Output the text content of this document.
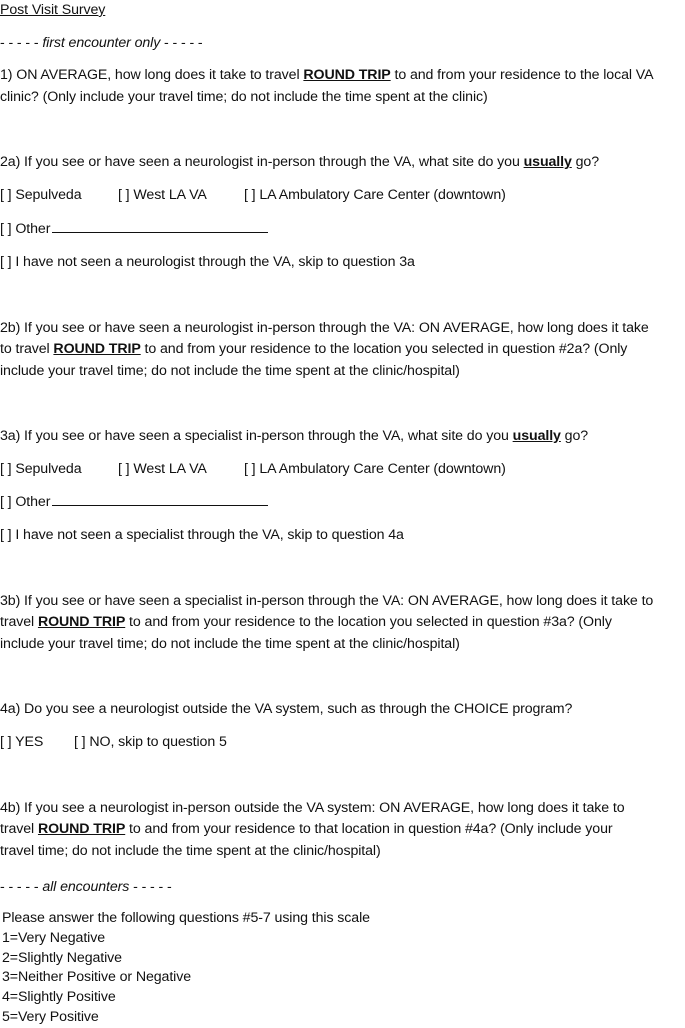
Post Visit Survey
- - - - - first encounter only - - - - -
1) ON AVERAGE, how long does it take to travel ROUND TRIP to and from your residence to the local VA
clinic? (Only include your travel time; do not include the time spent at the clinic)
2a) If you see or have seen a neurologist in-person through the VA, what site do you usually go?
[ ] Sepulveda	[ ] West LA VA	[ ] LA Ambulatory Care Center (downtown)
[ ] Other
[ ] I have not seen a neurologist through the VA, skip to question 3a
2b) If you see or have seen a neurologist in-person through the VA: ON AVERAGE, how long does it take
to travel ROUND TRIP to and from your residence to the location you selected in question #2a? (Only
include your travel time; do not include the time spent at the clinic/hospital)
3a) If you see or have seen a specialist in-person through the VA, what site do you usually go?
[ ] Sepulveda	[ ] West LA VA	[ ] LA Ambulatory Care Center (downtown)
[ ] Other
[ ] I have not seen a specialist through the VA, skip to question 4a
3b) If you see or have seen a specialist in-person through the VA: ON AVERAGE, how long does it take to
travel ROUND TRIP to and from your residence to the location you selected in question #3a? (Only
include your travel time; do not include the time spent at the clinic/hospital)
4a) Do you see a neurologist outside the VA system, such as through the CHOICE program?
[ ] YES [ ] NO, skip to question 5
4b) If you see a neurologist in-person outside the VA system: ON AVERAGE, how long does it take to
travel ROUND TRIP to and from your residence to that location in question #4a? (Only include your
travel time; do not include the time spent at the clinic/hospital)
- - - - - all encounters - - - - -
Please answer the following questions #5-7 using this scale
1=Very Negative
2=Slightly Negative
3=Neither Positive or Negative
4=Slightly Positive
5=Very Positive
